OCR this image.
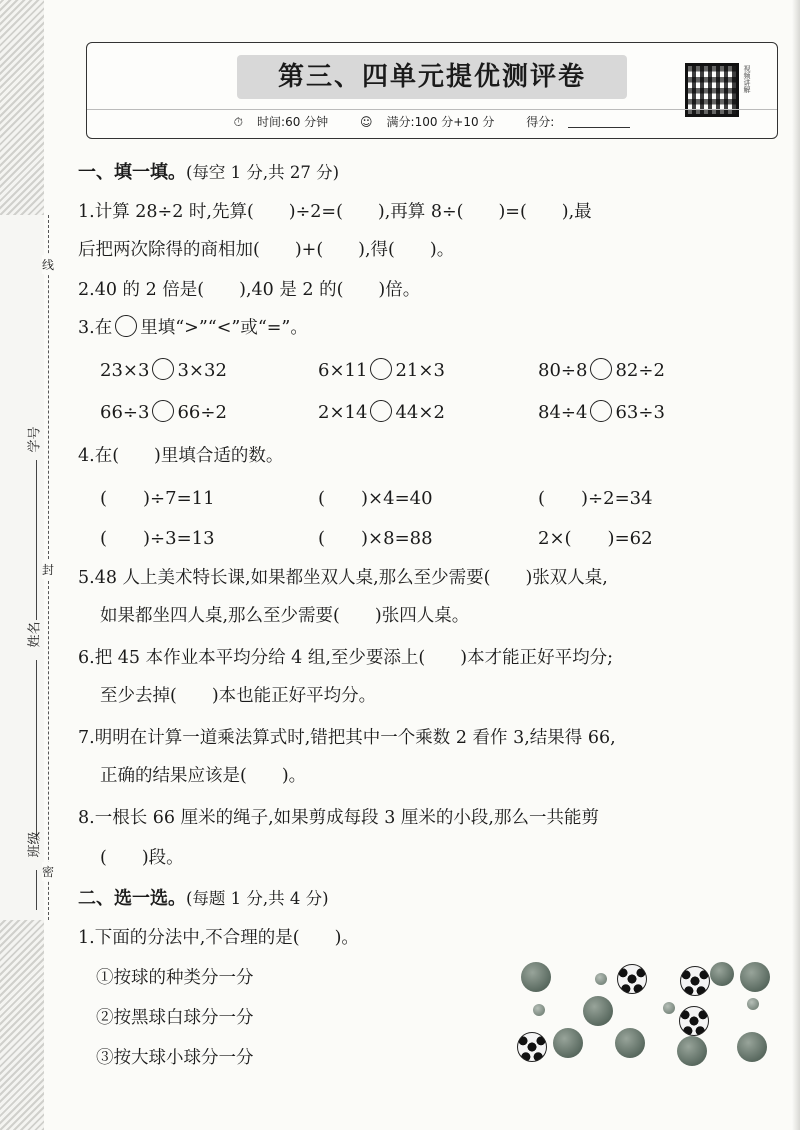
学号
姓名
班级
线
封
密
第三、四单元提优测评卷	视频讲解
⏱ 时间:60 分钟	☺ 满分:100 分+10 分	得分:
一、填一填。(每空 1 分,共 27 分)
1.计算 28÷2 时,先算(　　)÷2=(　　),再算 8÷(　　)=(　　),最
后把两次除得的商相加(　　)+(　　),得(　　)。
2.40 的 2 倍是(　　),40 是 2 的(　　)倍。
3.在 里填“>”“<”或“=”。
23×3 3×32	6×11 21×3	80÷8 82÷2
66÷3 66÷2	2×14 44×2	84÷4 63÷3
4.在(　　)里填合适的数。
(　　)÷7=11	(　　)×4=40	(　　)÷2=34
(　　)÷3=13	(　　)×8=88	2×(　　)=62
5.48 人上美术特长课,如果都坐双人桌,那么至少需要(　　)张双人桌,
如果都坐四人桌,那么至少需要(　　)张四人桌。
6.把 45 本作业本平均分给 4 组,至少要添上(　　)本才能正好平均分;
至少去掉(　　)本也能正好平均分。
7.明明在计算一道乘法算式时,错把其中一个乘数 2 看作 3,结果得 66,
正确的结果应该是(　　)。
8.一根长 66 厘米的绳子,如果剪成每段 3 厘米的小段,那么一共能剪
(　　)段。
二、选一选。(每题 1 分,共 4 分)
1.下面的分法中,不合理的是(　　)。
①按球的种类分一分
②按黑球白球分一分
③按大球小球分一分
